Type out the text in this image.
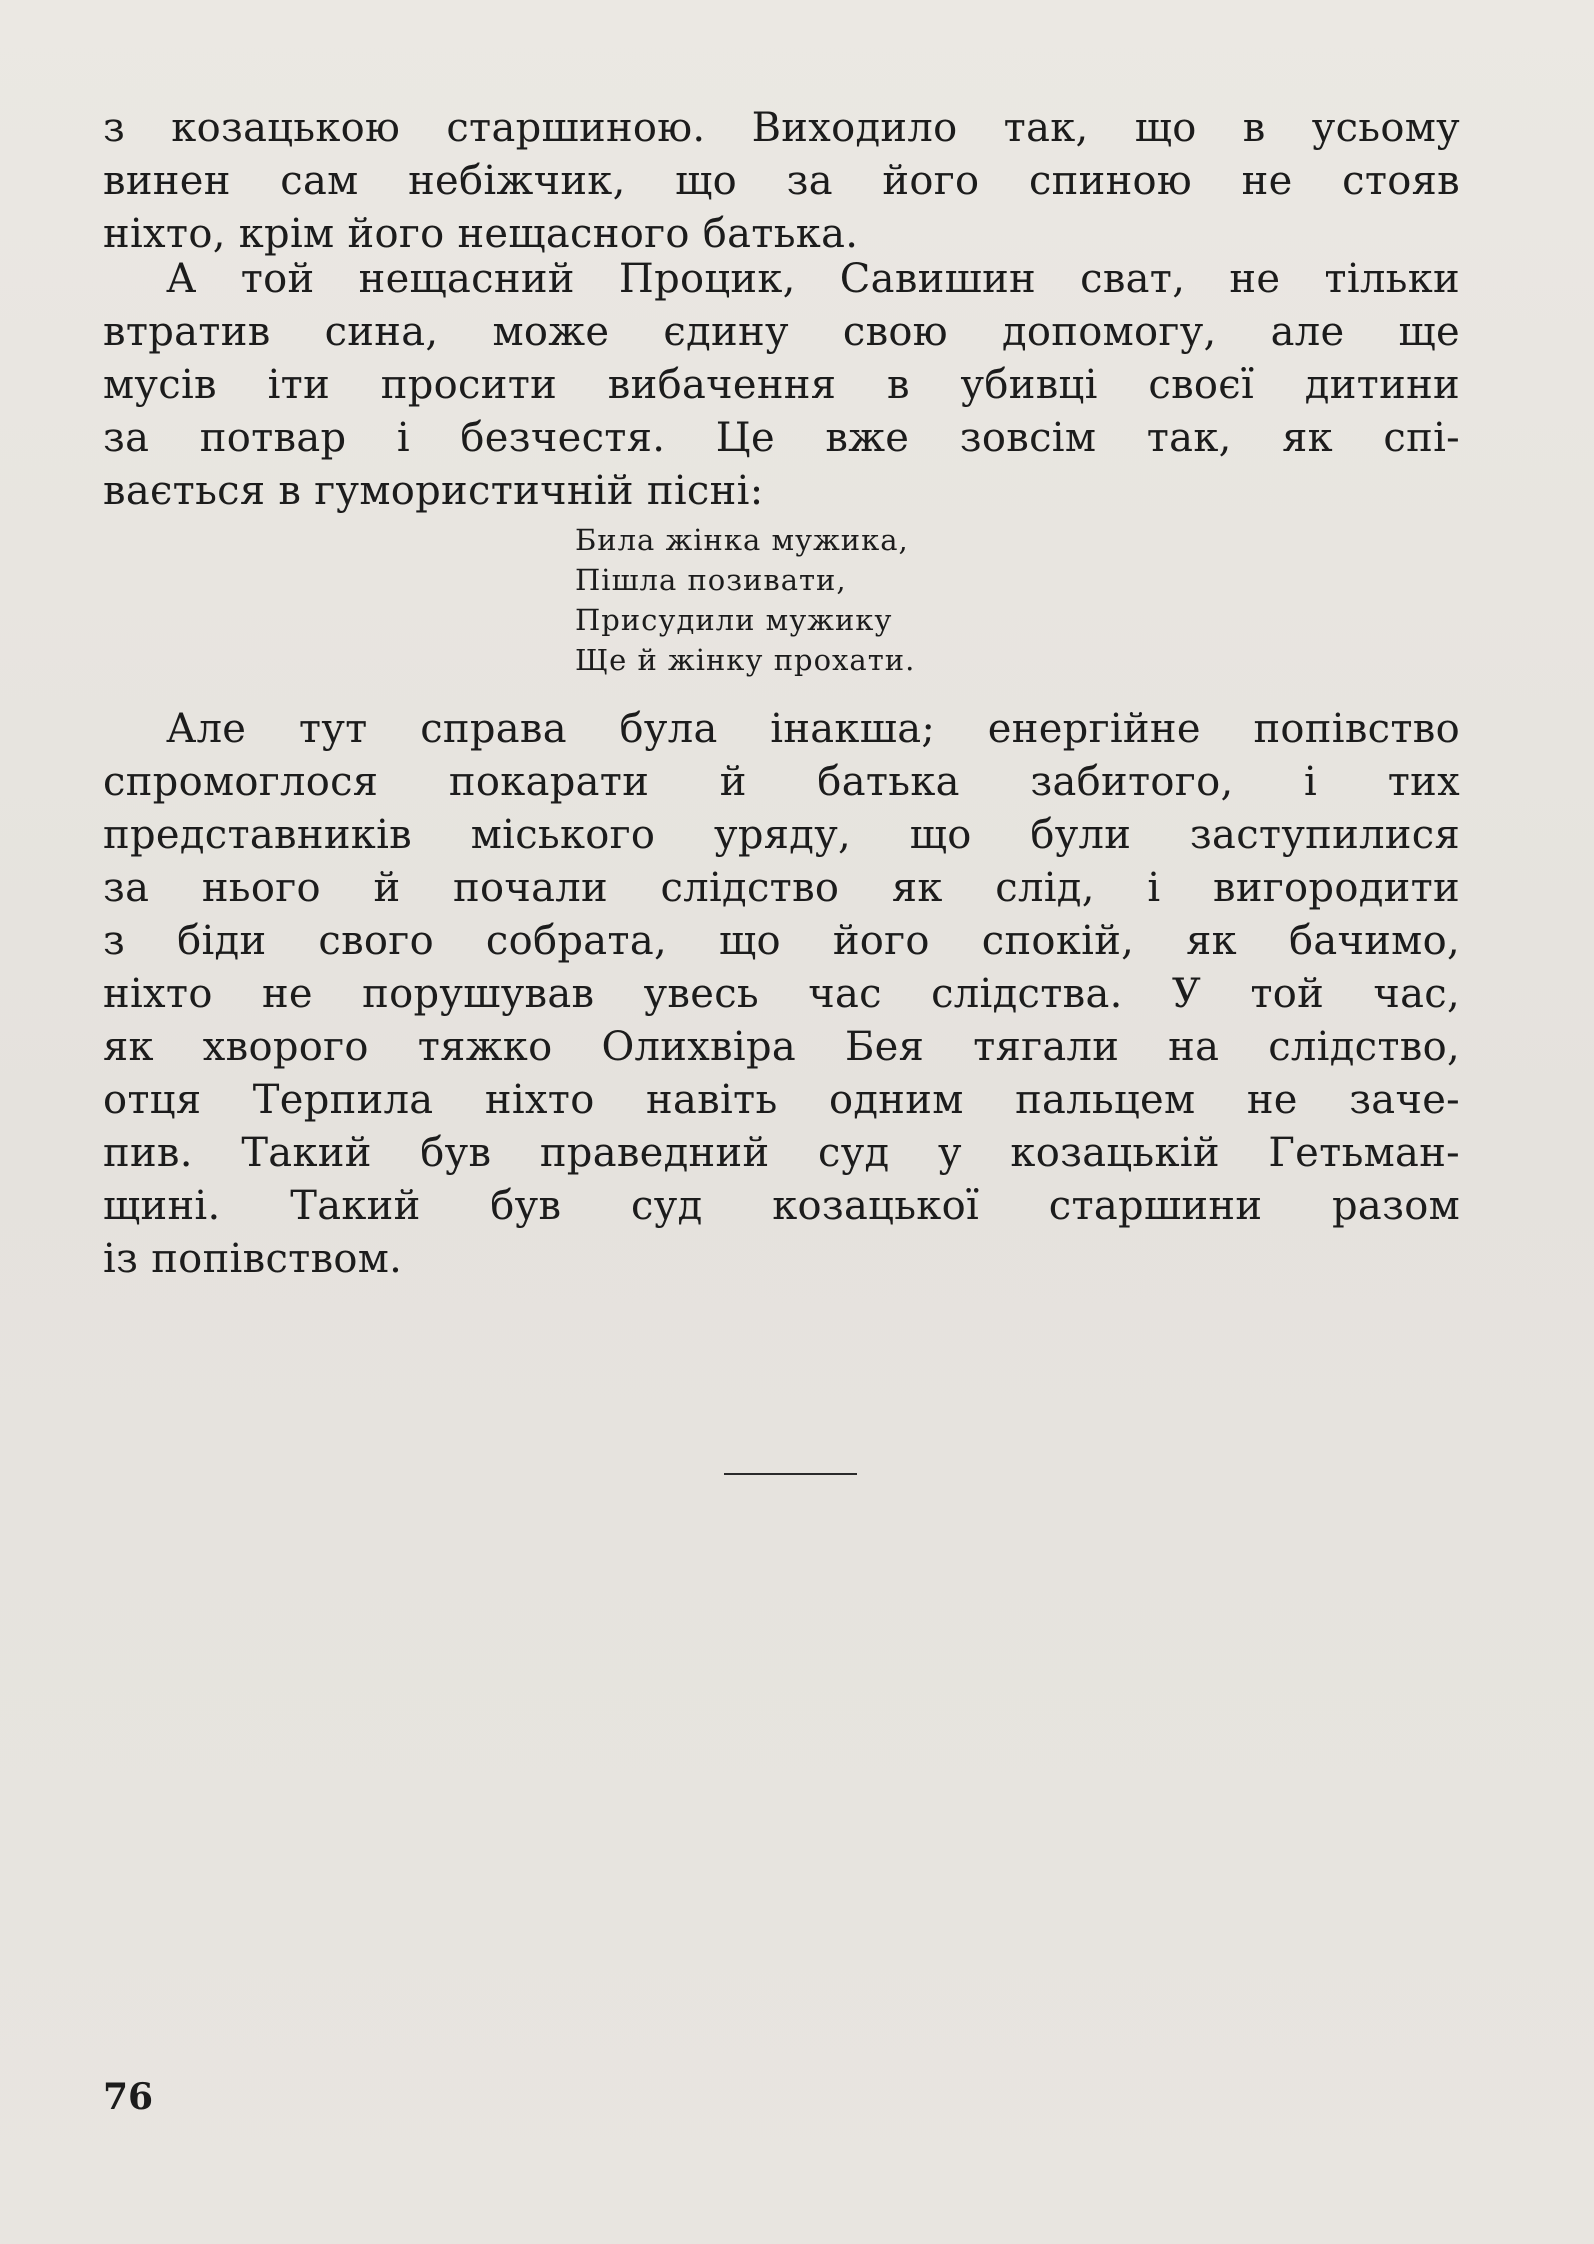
з козацькою старшиною. Виходило так, що в усьому
винен сам небіжчик, що за його спиною не стояв
ніхто, крім його нещасного батька.
А той нещасний Процик, Савишин сват, не тільки
втратив сина, може єдину свою допомогу, але ще
мусів іти просити вибачення в убивці своєї дитини
за потвар і безчестя. Це вже зовсім так, як спі-
вається в гумористичній пісні:
Била жінка мужика,
Пішла позивати,
Присудили мужику
Ще й жінку прохати.
Але тут справа була інакша; енергійне попівство
спромоглося покарати й батька забитого, і тих
представників міського уряду, що були заступилися
за нього й почали слідство як слід, і вигородити
з біди свого собрата, що його спокій, як бачимо,
ніхто не порушував увесь час слідства. У той час,
як хворого тяжко Олихвіра Бея тягали на слідство,
отця Терпила ніхто навіть одним пальцем не заче-
пив. Такий був праведний суд у козацькій Гетьман-
щині. Такий був суд козацької старшини разом
із попівством.
76
